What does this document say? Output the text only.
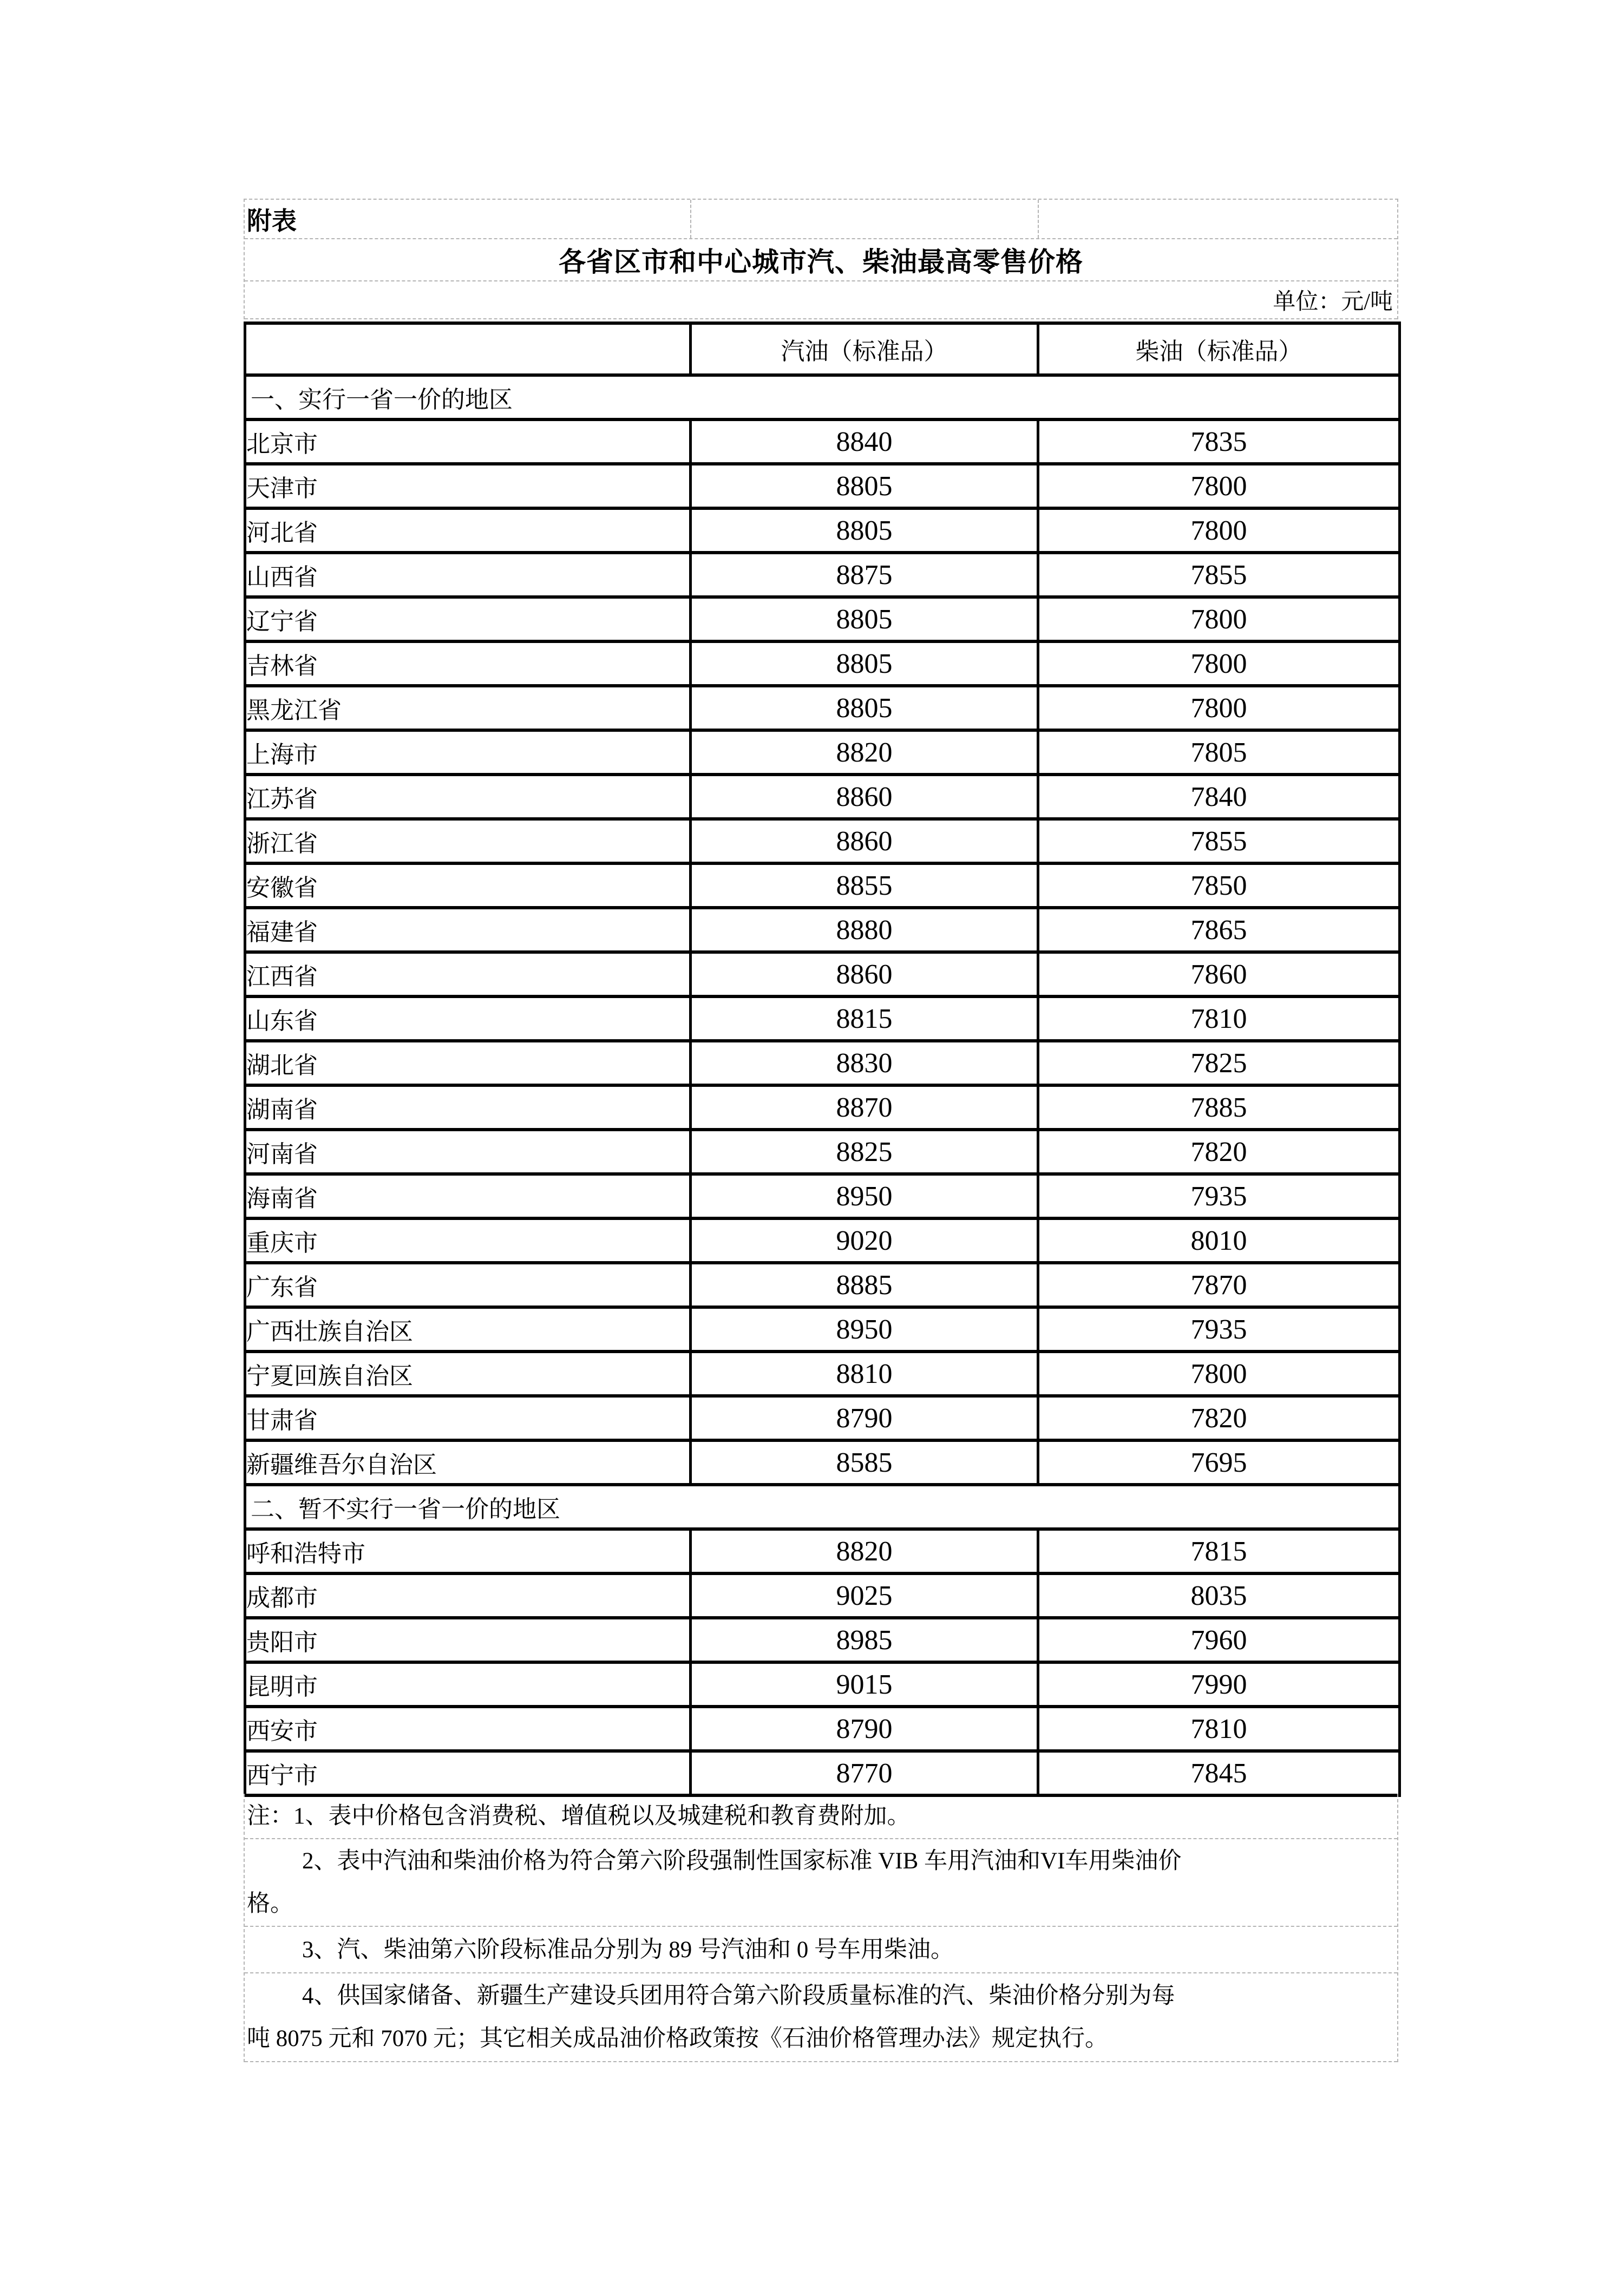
附表
各省区市和中心城市汽、柴油最高零售价格
单位：元/吨
	汽油（标准品）	柴油（标准品）
一、实行一省一价的地区		
北京市	8840	7835
天津市	8805	7800
河北省	8805	7800
山西省	8875	7855
辽宁省	8805	7800
吉林省	8805	7800
黑龙江省	8805	7800
上海市	8820	7805
江苏省	8860	7840
浙江省	8860	7855
安徽省	8855	7850
福建省	8880	7865
江西省	8860	7860
山东省	8815	7810
湖北省	8830	7825
湖南省	8870	7885
河南省	8825	7820
海南省	8950	7935
重庆市	9020	8010
广东省	8885	7870
广西壮族自治区	8950	7935
宁夏回族自治区	8810	7800
甘肃省	8790	7820
新疆维吾尔自治区	8585	7695
二、暂不实行一省一价的地区		
呼和浩特市	8820	7815
成都市	9025	8035
贵阳市	8985	7960
昆明市	9015	7990
西安市	8790	7810
西宁市	8770	7845
注：1、表中价格包含消费税、增值税以及城建税和教育费附加。
2、表中汽油和柴油价格为符合第六阶段强制性国家标准 VIB 车用汽油和VI车用柴油价
格。
3、汽、柴油第六阶段标准品分别为 89 号汽油和 0 号车用柴油。
4、供国家储备、新疆生产建设兵团用符合第六阶段质量标准的汽、柴油价格分别为每
吨 8075 元和 7070 元；其它相关成品油价格政策按《石油价格管理办法》规定执行。
